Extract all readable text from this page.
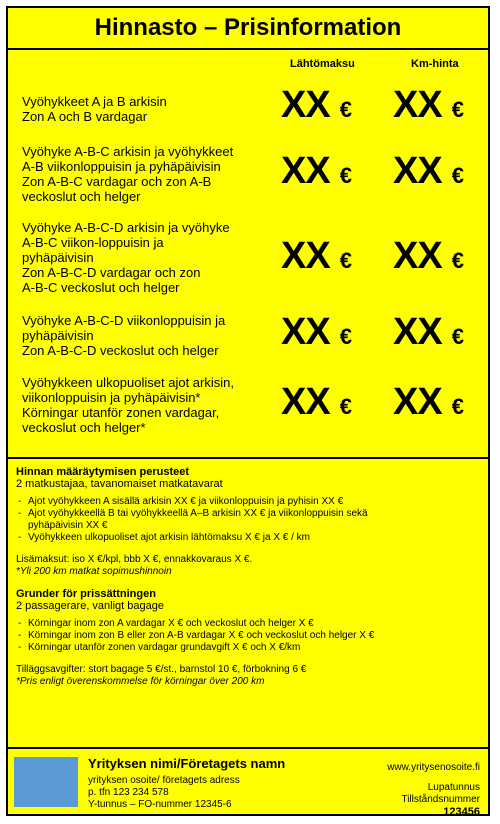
Hinnasto – Prisinformation
Lähtömaksu	Km-hinta
Vyöhykkeet A ja B arkisin
Zon A och B vardagar	XX € XX €
Vyöhyke A-B-C arkisin ja vyöhykkeet
A-B viikonloppuisin ja pyhäpäivisin
Zon A-B-C vardagar och zon A-B
veckoslut och helger
XX € XX €
Vyöhyke A-B-C-D arkisin ja vyöhyke
A-B-C viikon-loppuisin ja
pyhäpäivisin
Zon A-B-C-D vardagar och zon
A-B-C veckoslut och helger
XX € XX €
Vyöhyke A-B-C-D viikonloppuisin ja
pyhäpäivisin
Zon A-B-C-D veckoslut och helger	XX € XX €
Vyöhykkeen ulkopuoliset ajot arkisin,
viikonloppuisin ja pyhäpäivisin*
Körningar utanför zonen vardagar,
veckoslut och helger*
XX € XX €
Hinnan määräytymisen perusteet
2 matkustajaa, tavanomaiset matkatavarat
- Ajot vyöhykkeen A sisällä arkisin XX € ja viikonloppuisin ja pyhisin XX €
- Ajot vyöhykkeellä B tai vyöhykkeellä A–B arkisin XX € ja viikonloppuisin sekä
pyhäpäivisin XX €
- Vyöhykkeen ulkopuoliset ajot arkisin lähtömaksu X € ja X € / km
Lisämaksut: iso X €/kpl, bbb X €, ennakkovaraus X €.
*Yli 200 km matkat sopimushinnoin
Grunder för prissättningen
2 passagerare, vanligt bagage
- Körningar inom zon A vardagar X € och veckoslut och helger X €
- Körningar inom zon B eller zon A-B vardagar X € och veckoslut och helger X €
- Körningar utanför zonen vardagar grundavgift X € och X €/km
Tilläggsavgifter: stort bagage 5 €/st., barnstol 10 €, förbokning 6 €
*Pris enligt överenskommelse för körningar över 200 km
Yrityksen nimi/Företagets namn
yrityksen osoite/ företagets adress
p. tfn 123 234 578
Y-tunnus – FO-nummer 12345-6
www.yritysenosoite.fi
Lupatunnus
Tillståndsnummer
123456
